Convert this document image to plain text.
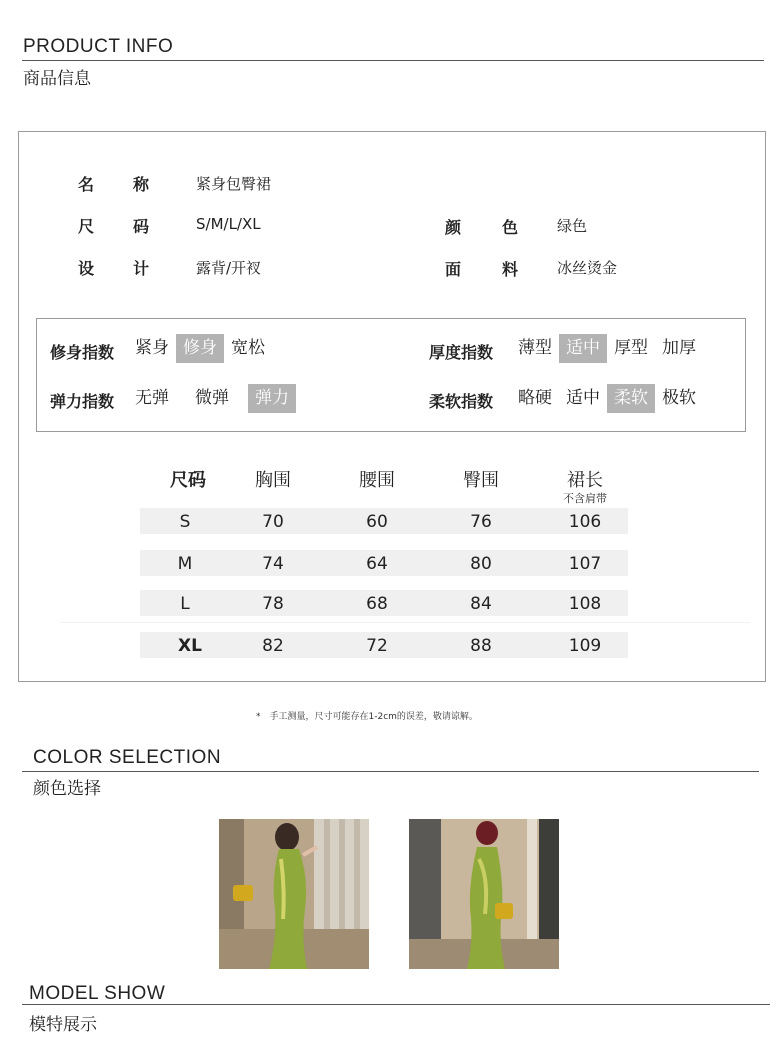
PRODUCT INFO
商品信息
名 称	紧身包臀裙
尺 码	S/M/L/XL	颜	色	绿色
设 计	露背/开衩	面	料	冰丝烫金
修身指数	紧身 修身 宽松	厚度指数	薄型 适中 厚型 加厚
弹力指数	无弹	微弹	弹力	柔软指数	略硬 适中 柔软 极软
尺码	胸围	腰围	臀围	裙长
不含肩带
S	70	60	76	106
M	74	64	80	107
L	78	68	84	108
XL	82	72	88	109
*　手工测量，尺寸可能存在1-2cm的误差，敬请谅解。
COLOR SELECTION
颜色选择
MODEL SHOW
模特展示
